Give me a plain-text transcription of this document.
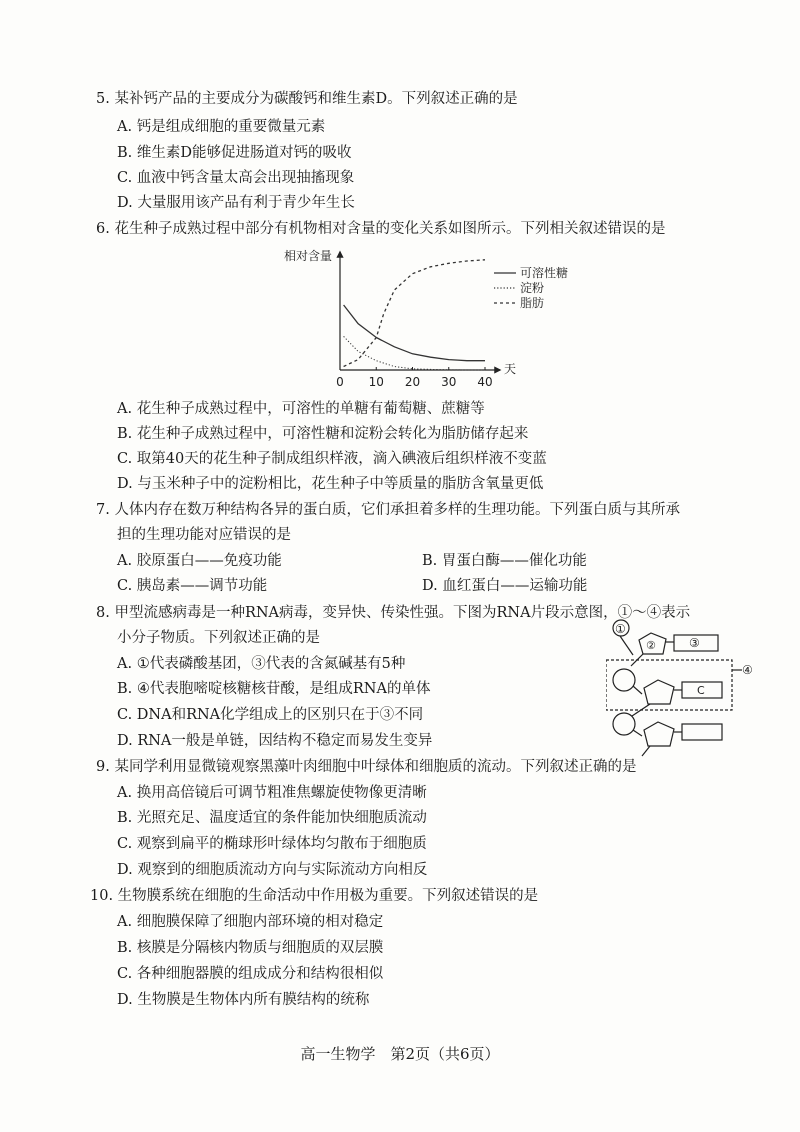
5. 某补钙产品的主要成分为碳酸钙和维生素D。下列叙述正确的是
A. 钙是组成细胞的重要微量元素
B. 维生素D能够促进肠道对钙的吸收
C. 血液中钙含量太高会出现抽搐现象
D. 大量服用该产品有利于青少年生长
6. 花生种子成熟过程中部分有机物相对含量的变化关系如图所示。下列相关叙述错误的是
相对含量
天
0 10 20 30 40
可溶性糖
淀粉
脂肪
A. 花生种子成熟过程中，可溶性的单糖有葡萄糖、蔗糖等
B. 花生种子成熟过程中，可溶性糖和淀粉会转化为脂肪储存起来
C. 取第40天的花生种子制成组织样液，滴入碘液后组织样液不变蓝
D. 与玉米种子中的淀粉相比，花生种子中等质量的脂肪含氧量更低
7. 人体内存在数万种结构各异的蛋白质，它们承担着多样的生理功能。下列蛋白质与其所承
担的生理功能对应错误的是
A. 胶原蛋白——免疫功能	B. 胃蛋白酶——催化功能
C. 胰岛素——调节功能	D. 血红蛋白——运输功能
8. 甲型流感病毒是一种RNA病毒，变异快、传染性强。下图为RNA片段示意图，①～④表示
小分子物质。下列叙述正确的是
A. ①代表磷酸基团，③代表的含氮碱基有5种
B. ④代表胞嘧啶核糖核苷酸，是组成RNA的单体
C. DNA和RNA化学组成上的区别只在于③不同
D. RNA一般是单链，因结构不稳定而易发生变异
①
②	③
④
C
9. 某同学利用显微镜观察黑藻叶肉细胞中叶绿体和细胞质的流动。下列叙述正确的是
A. 换用高倍镜后可调节粗准焦螺旋使物像更清晰
B. 光照充足、温度适宜的条件能加快细胞质流动
C. 观察到扁平的椭球形叶绿体均匀散布于细胞质
D. 观察到的细胞质流动方向与实际流动方向相反
10. 生物膜系统在细胞的生命活动中作用极为重要。下列叙述错误的是
A. 细胞膜保障了细胞内部环境的相对稳定
B. 核膜是分隔核内物质与细胞质的双层膜
C. 各种细胞器膜的组成成分和结构很相似
D. 生物膜是生物体内所有膜结构的统称
高一生物学　第2页（共6页）
